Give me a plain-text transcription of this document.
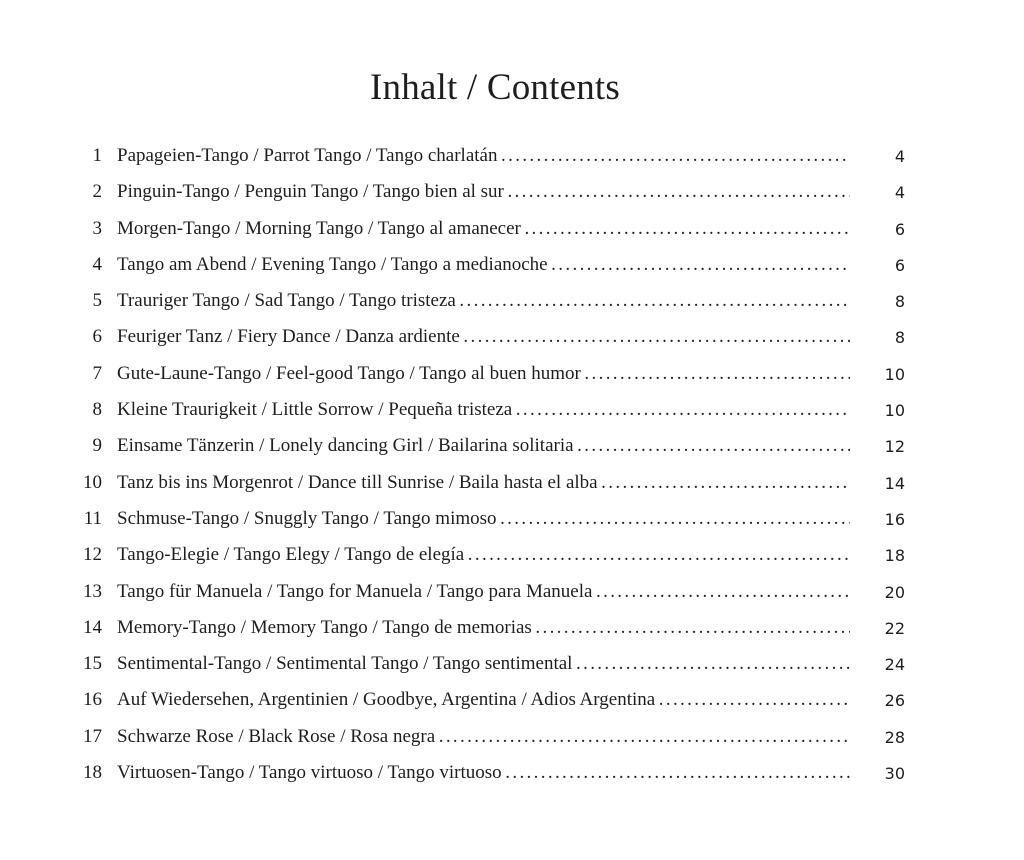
Inhalt / Contents
1 Papageien-Tango / Parrot Tango / Tango charlatán . . .	4
2 Pinguin-Tango / Penguin Tango / Tango bien al sur . . .	4
3 Morgen-Tango / Morning Tango / Tango al amanecer . . .	6
4 Tango am Abend / Evening Tango / Tango a medianoche . . .	6
5 Trauriger Tango / Sad Tango / Tango tristeza . . .	8
6 Feuriger Tanz / Fiery Dance / Danza ardiente . . .	8
7 Gute-Laune-Tango / Feel-good Tango / Tango al buen humor . . .	10
8 Kleine Traurigkeit / Little Sorrow / Pequeña tristeza . . .	10
9 Einsame Tänzerin / Lonely dancing Girl / Bailarina solitaria . . .	12
10 Tanz bis ins Morgenrot / Dance till Sunrise / Baila hasta el alba . . .	14
11 Schmuse-Tango / Snuggly Tango / Tango mimoso . . .	16
12 Tango-Elegie / Tango Elegy / Tango de elegía . . .	18
13 Tango für Manuela / Tango for Manuela / Tango para Manuela . . .	20
14 Memory-Tango / Memory Tango / Tango de memorias . . .	22
15 Sentimental-Tango / Sentimental Tango / Tango sentimental . . .	24
16 Auf Wiedersehen, Argentinien / Goodbye, Argentina / Adios Argentina . . .	26
17 Schwarze Rose / Black Rose / Rosa negra . . .	28
18 Virtuosen-Tango / Tango virtuoso / Tango virtuoso . . .	30
